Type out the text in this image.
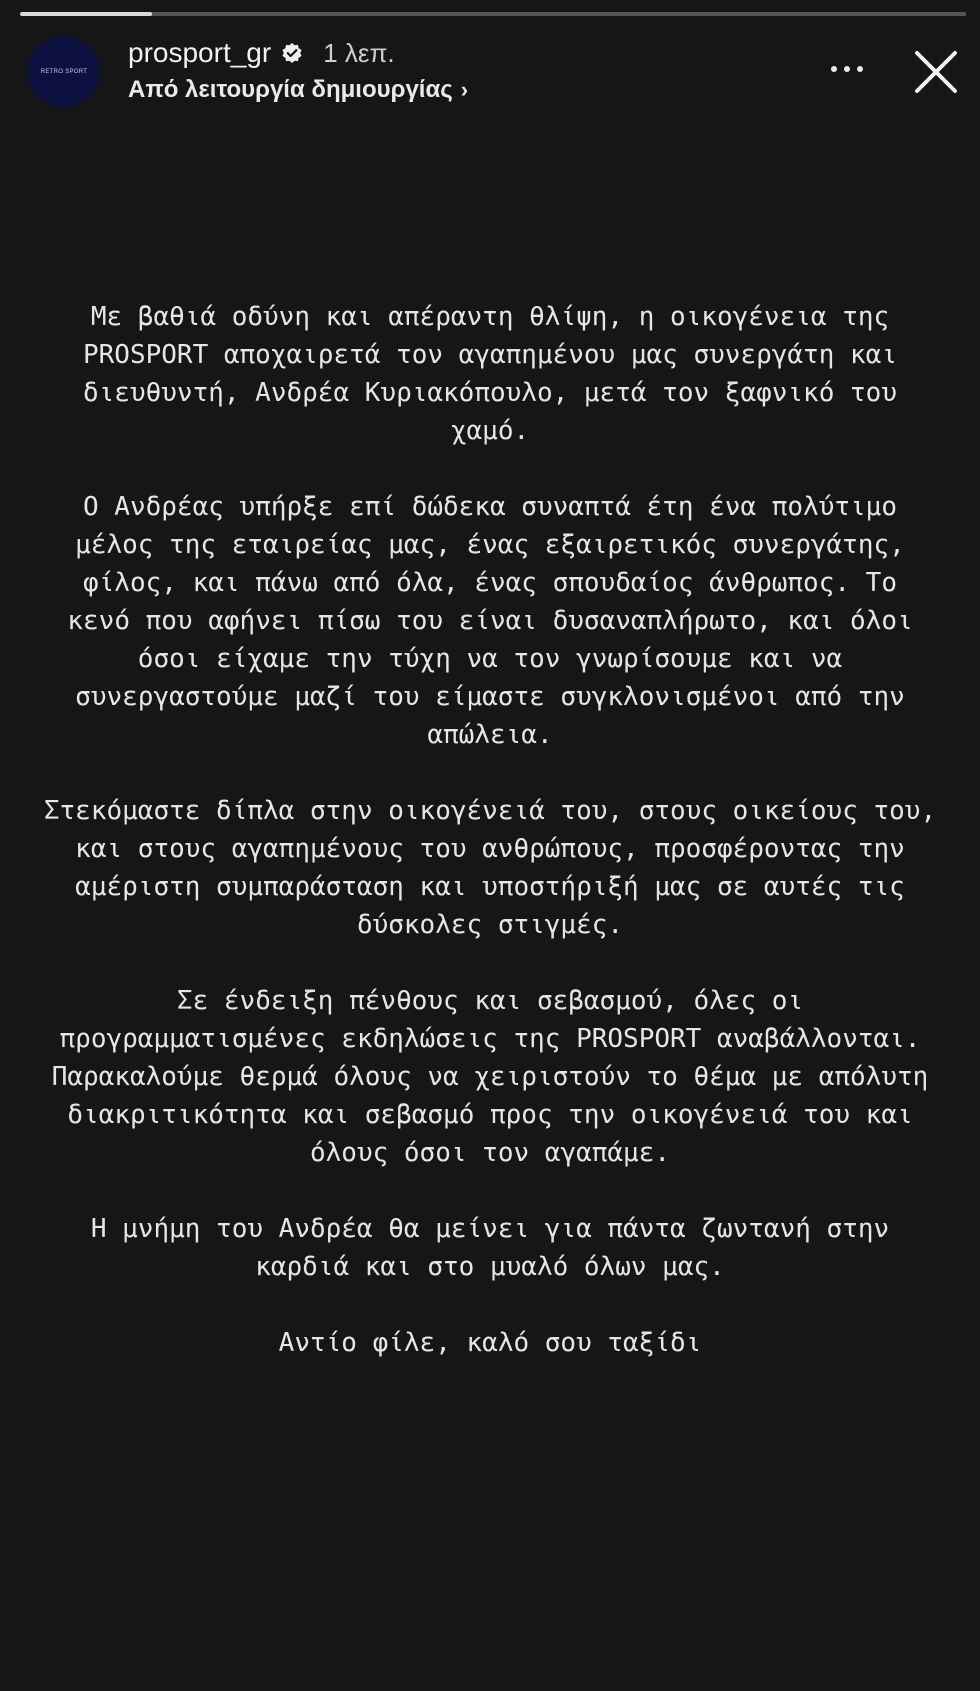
RETRO SPORT
prosport_gr 1 λεπ.
Από λειτουργία δημιουργίας ›

Με βαθιά οδύνη και απέραντη θλίψη, η οικογένεια της
PROSPORT αποχαιρετά τον αγαπημένου μας συνεργάτη και
διευθυντή, Ανδρέα Κυριακόπουλο, μετά τον ξαφνικό του
χαμό.

Ο Ανδρέας υπήρξε επί δώδεκα συναπτά έτη ένα πολύτιμο
μέλος της εταιρείας μας, ένας εξαιρετικός συνεργάτης,
φίλος, και πάνω από όλα, ένας σπουδαίος άνθρωπος. Το
κενό που αφήνει πίσω του είναι δυσαναπλήρωτο, και όλοι
όσοι είχαμε την τύχη να τον γνωρίσουμε και να
συνεργαστούμε μαζί του είμαστε συγκλονισμένοι από την
απώλεια.

Στεκόμαστε δίπλα στην οικογένειά του, στους οικείους του,
και στους αγαπημένους του ανθρώπους, προσφέροντας την
αμέριστη συμπαράσταση και υποστήριξή μας σε αυτές τις
δύσκολες στιγμές.

Σε ένδειξη πένθους και σεβασμού, όλες οι
προγραμματισμένες εκδηλώσεις της PROSPORT αναβάλλονται.
Παρακαλούμε θερμά όλους να χειριστούν το θέμα με απόλυτη
διακριτικότητα και σεβασμό προς την οικογένειά του και
όλους όσοι τον αγαπάμε.

Η μνήμη του Ανδρέα θα μείνει για πάντα ζωντανή στην
καρδιά και στο μυαλό όλων μας.

Αντίο φίλε, καλό σου ταξίδι
